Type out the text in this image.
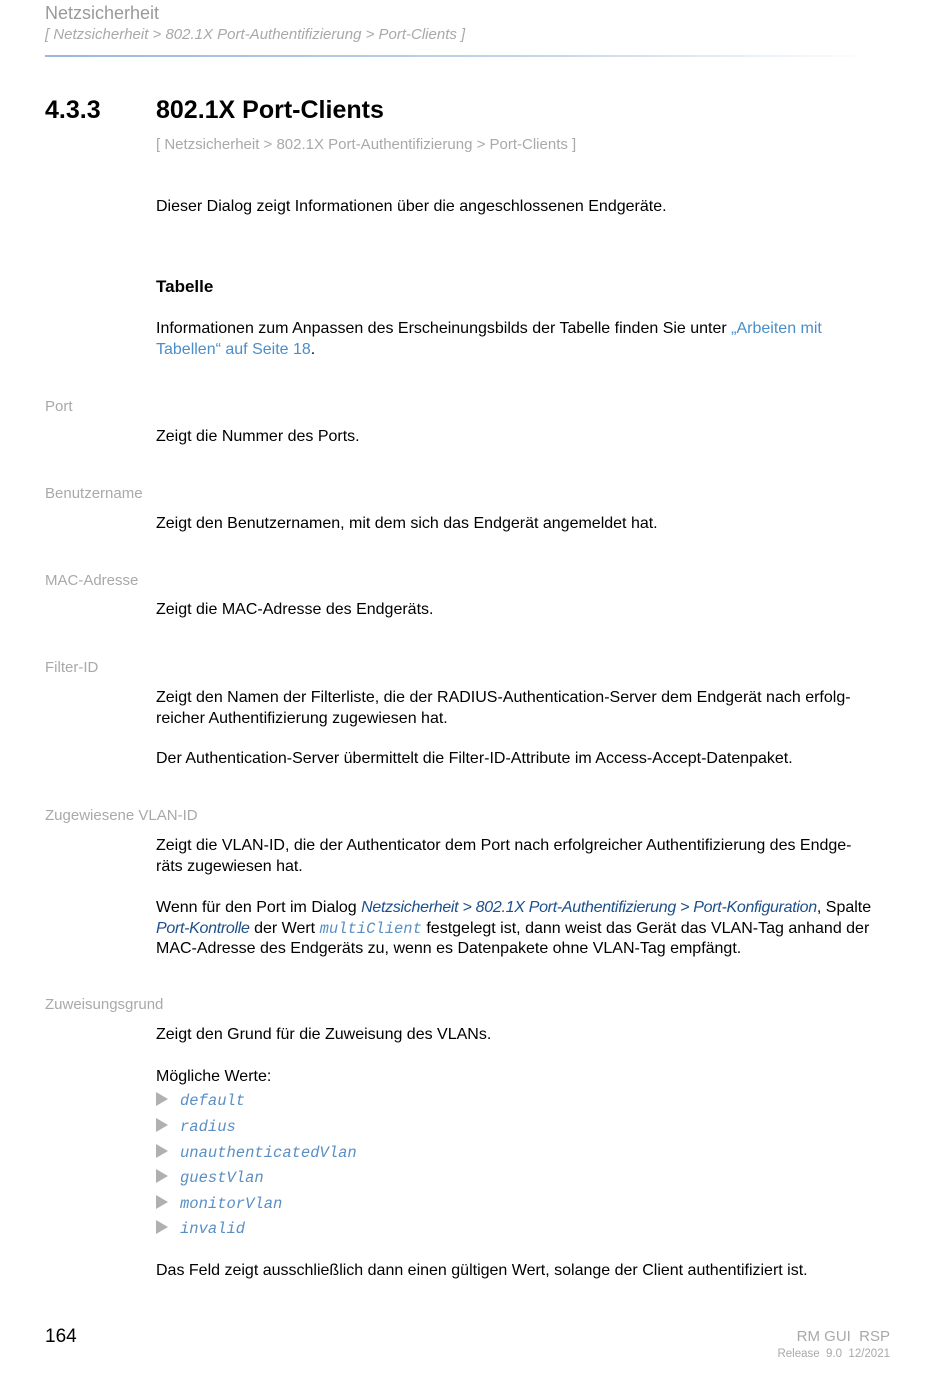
Netzsicherheit
[ Netzsicherheit > 802.1X Port-Authentifizierung > Port-Clients ]
4.3.3 802.1X Port-Clients
[ Netzsicherheit > 802.1X Port-Authentifizierung > Port-Clients ]
Dieser Dialog zeigt Informationen über die angeschlossenen Endgeräte.
Tabelle
Informationen zum Anpassen des Erscheinungsbilds der Tabelle finden Sie unter „Arbeiten mit
Tabellen“ auf Seite 18.
Port
Zeigt die Nummer des Ports.
Benutzername
Zeigt den Benutzernamen, mit dem sich das Endgerät angemeldet hat.
MAC-Adresse
Zeigt die MAC-Adresse des Endgeräts.
Filter-ID
Zeigt den Namen der Filterliste, die der RADIUS-Authentication-Server dem Endgerät nach erfolg-
reicher Authentifizierung zugewiesen hat.
Der Authentication-Server übermittelt die Filter-ID-Attribute im Access-Accept-Datenpaket.
Zugewiesene VLAN-ID
Zeigt die VLAN-ID, die der Authenticator dem Port nach erfolgreicher Authentifizierung des Endge-
räts zugewiesen hat.
Wenn für den Port im Dialog Netzsicherheit > 802.1X Port-Authentifizierung > Port-Konfiguration, Spalte
Port-Kontrolle der Wert multiClient festgelegt ist, dann weist das Gerät das VLAN-Tag anhand der
MAC-Adresse des Endgeräts zu, wenn es Datenpakete ohne VLAN-Tag empfängt.
Zuweisungsgrund
Zeigt den Grund für die Zuweisung des VLANs.
Mögliche Werte:
default
radius
unauthenticatedVlan
guestVlan
monitorVlan
invalid
Das Feld zeigt ausschließlich dann einen gültigen Wert, solange der Client authentifiziert ist.
164	RM GUI  RSP
Release  9.0  12/2021
